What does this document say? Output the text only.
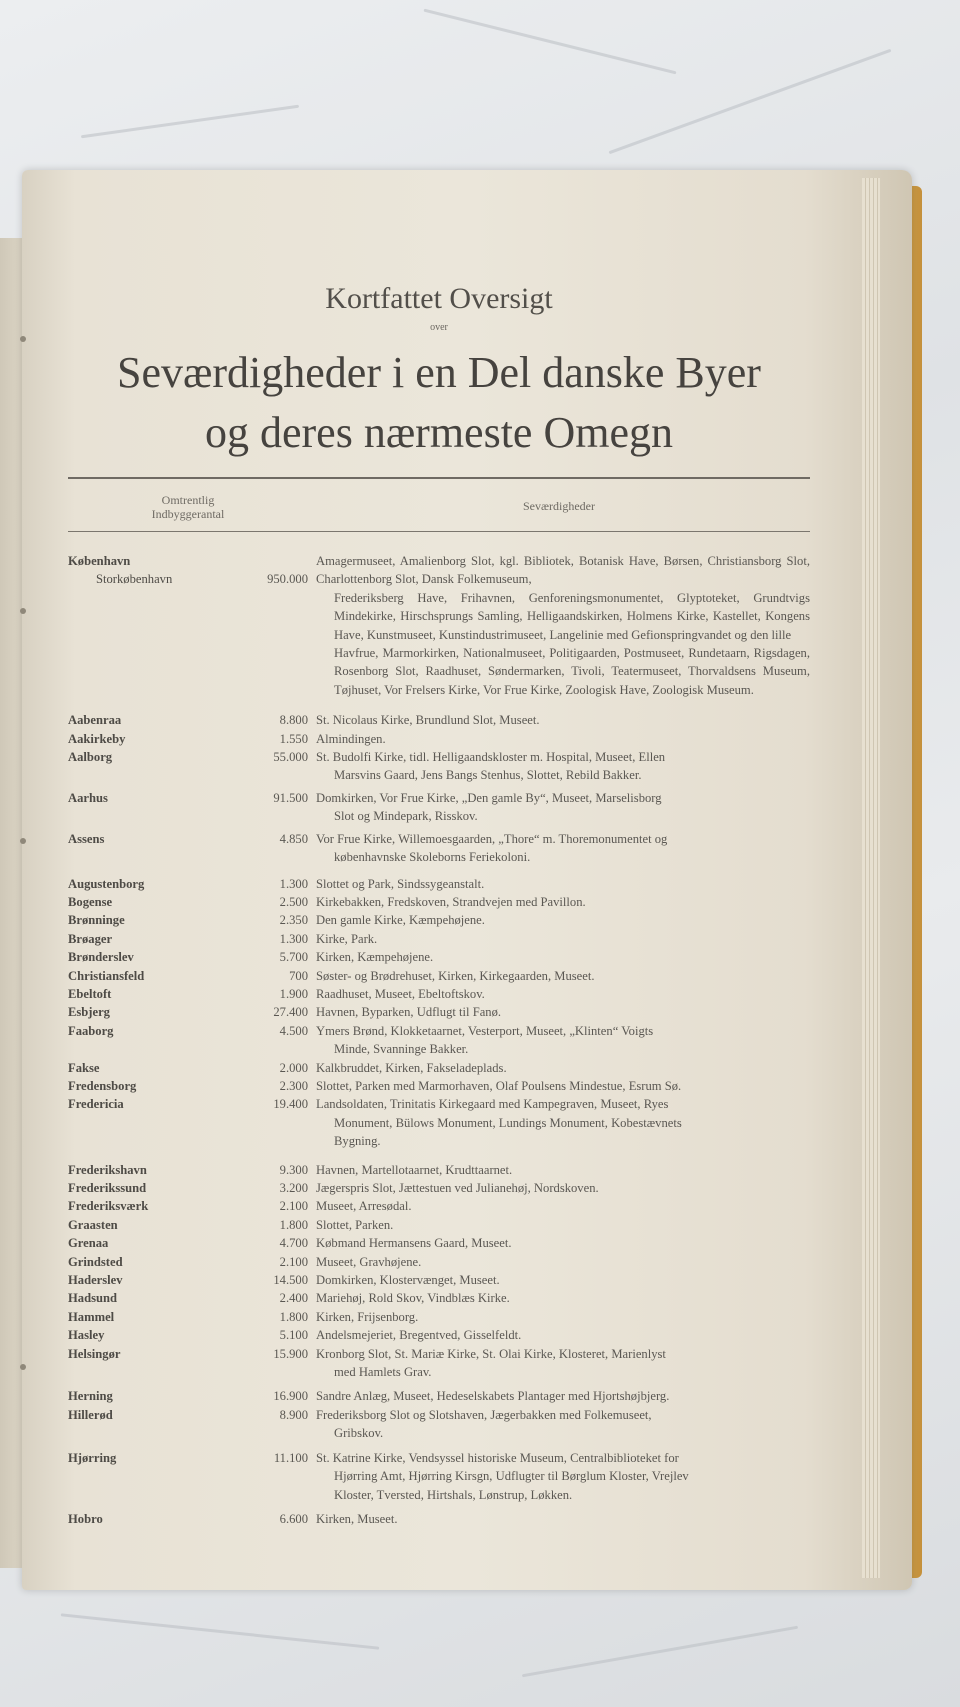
Kortfattet Oversigt
over
Seværdigheder i en Del danske Byer
og deres nærmeste Omegn
Omtrentlig
Indbyggerantal
Seværdigheder
København
Storkøbenhavn	950.000
Amagermuseet, Amalienborg Slot, kgl. Bibliotek, Botanisk Have, Børsen, Christiansborg Slot, Charlottenborg Slot, Dansk Folkemuseum,
Frederiksberg Have, Frihavnen, Genforeningsmonumentet, Glyptoteket, Grundtvigs Mindekirke, Hirschsprungs Samling, Helligaandskirken, Holmens Kirke, Kastellet, Kongens Have, Kunstmuseet, Kunstindustrimuseet, Langelinie med Gefionspringvandet og den lille
Havfrue, Marmorkirken, Nationalmuseet, Politigaarden, Postmuseet, Rundetaarn, Rigsdagen, Rosenborg Slot, Raadhuset, Søndermarken, Tivoli, Teatermuseet, Thorvaldsens Museum, Tøjhuset, Vor Frelsers Kirke, Vor Frue Kirke, Zoologisk Have, Zoologisk Museum.
Aabenraa	8.800 St. Nicolaus Kirke, Brundlund Slot, Museet.
Aakirkeby	1.550 Almindingen.
Aalborg	55.000 St. Budolfi Kirke, tidl. Helligaandskloster m. Hospital, Museet, Ellen
Marsvins Gaard, Jens Bangs Stenhus, Slottet, Rebild Bakker.
Aarhus	91.500 Domkirken, Vor Frue Kirke, „Den gamle By“, Museet, Marselisborg
Slot og Mindepark, Risskov.
Assens	4.850 Vor Frue Kirke, Willemoesgaarden, „Thore“ m. Thoremonumentet og
københavnske Skoleborns Feriekoloni.
Augustenborg	1.300 Slottet og Park, Sindssygeanstalt.
Bogense	2.500 Kirkebakken, Fredskoven, Strandvejen med Pavillon.
Brønninge	2.350 Den gamle Kirke, Kæmpehøjene.
Brøager	1.300 Kirke, Park.
Brønderslev	5.700 Kirken, Kæmpehøjene.
Christiansfeld	700 Søster- og Brødrehuset, Kirken, Kirkegaarden, Museet.
Ebeltoft	1.900 Raadhuset, Museet, Ebeltoftskov.
Esbjerg	27.400 Havnen, Byparken, Udflugt til Fanø.
Faaborg	4.500 Ymers Brønd, Klokketaarnet, Vesterport, Museet, „Klinten“ Voigts
Minde, Svanninge Bakker.
Fakse	2.000 Kalkbruddet, Kirken, Fakseladeplads.
Fredensborg	2.300 Slottet, Parken med Marmorhaven, Olaf Poulsens Mindestue, Esrum Sø.
Fredericia	19.400 Landsoldaten, Trinitatis Kirkegaard med Kampegraven, Museet, Ryes
Monument, Bülows Monument, Lundings Monument, Kobestævnets
Bygning.
Frederikshavn	9.300 Havnen, Martellotaarnet, Krudttaarnet.
Frederikssund	3.200 Jægerspris Slot, Jættestuen ved Julianehøj, Nordskoven.
Frederiksværk	2.100 Museet, Arresødal.
Graasten	1.800 Slottet, Parken.
Grenaa	4.700 Købmand Hermansens Gaard, Museet.
Grindsted	2.100 Museet, Gravhøjene.
Haderslev	14.500 Domkirken, Klostervænget, Museet.
Hadsund	2.400 Mariehøj, Rold Skov, Vindblæs Kirke.
Hammel	1.800 Kirken, Frijsenborg.
Hasley	5.100 Andelsmejeriet, Bregentved, Gisselfeldt.
Helsingør	15.900 Kronborg Slot, St. Mariæ Kirke, St. Olai Kirke, Klosteret, Marienlyst
med Hamlets Grav.
Herning	16.900 Sandre Anlæg, Museet, Hedeselskabets Plantager med Hjortshøjbjerg.
Hillerød	8.900 Frederiksborg Slot og Slotshaven, Jægerbakken med Folkemuseet,
Gribskov.
Hjørring	11.100 St. Katrine Kirke, Vendsyssel historiske Museum, Centralbiblioteket for
Hjørring Amt, Hjørring Kirsgn, Udflugter til Børglum Kloster, Vrejlev
Kloster, Tversted, Hirtshals, Lønstrup, Løkken.
Hobro	6.600 Kirken, Museet.
